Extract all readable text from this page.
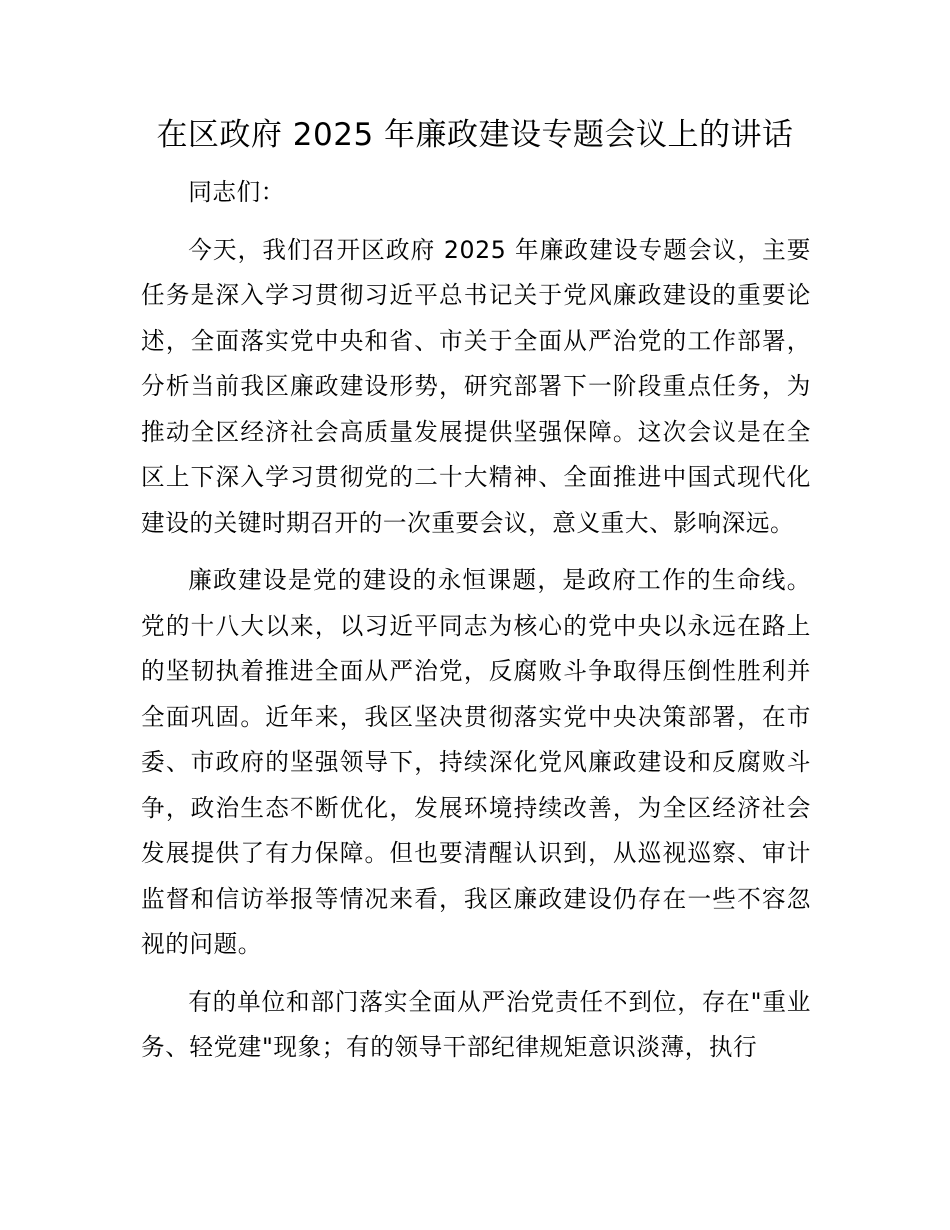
在区政府 2025 年廉政建设专题会议上的讲话

同志们：

今天，我们召开区政府 2025 年廉政建设专题会议，主要任务是深入学习贯彻习近平总书记关于党风廉政建设的重要论述，全面落实党中央和省、市关于全面从严治党的工作部署，分析当前我区廉政建设形势，研究部署下一阶段重点任务，为推动全区经济社会高质量发展提供坚强保障。这次会议是在全区上下深入学习贯彻党的二十大精神、全面推进中国式现代化建设的关键时期召开的一次重要会议，意义重大、影响深远。

廉政建设是党的建设的永恒课题，是政府工作的生命线。党的十八大以来，以习近平同志为核心的党中央以永远在路上的坚韧执着推进全面从严治党，反腐败斗争取得压倒性胜利并全面巩固。近年来，我区坚决贯彻落实党中央决策部署，在市委、市政府的坚强领导下，持续深化党风廉政建设和反腐败斗争，政治生态不断优化，发展环境持续改善，为全区经济社会发展提供了有力保障。但也要清醒认识到，从巡视巡察、审计监督和信访举报等情况来看，我区廉政建设仍存在一些不容忽视的问题。

有的单位和部门落实全面从严治党责任不到位，存在"重业务、轻党建"现象；有的领导干部纪律规矩意识淡薄，执行
